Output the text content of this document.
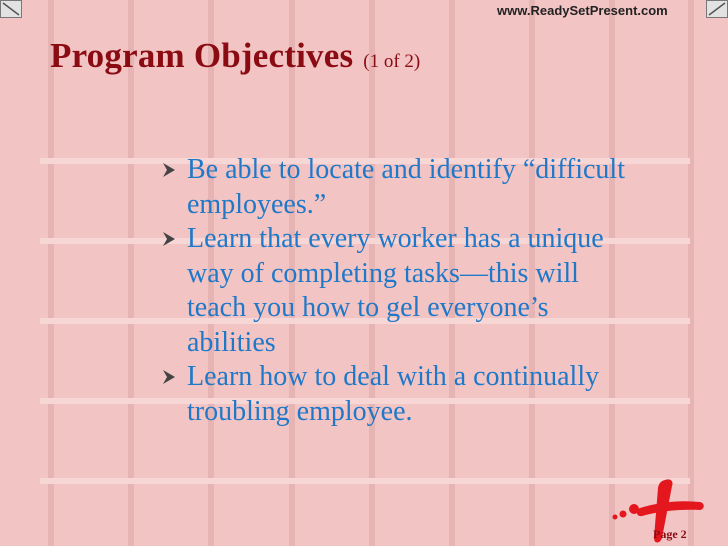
www.ReadySetPresent.com
Program Objectives (1 of 2)
Be able to locate and identify “difficult employees.”
Learn that every worker has a unique way of completing tasks—this will teach you how to gel everyone’s abilities
Learn how to deal with a continually troubling employee.
Page 2
